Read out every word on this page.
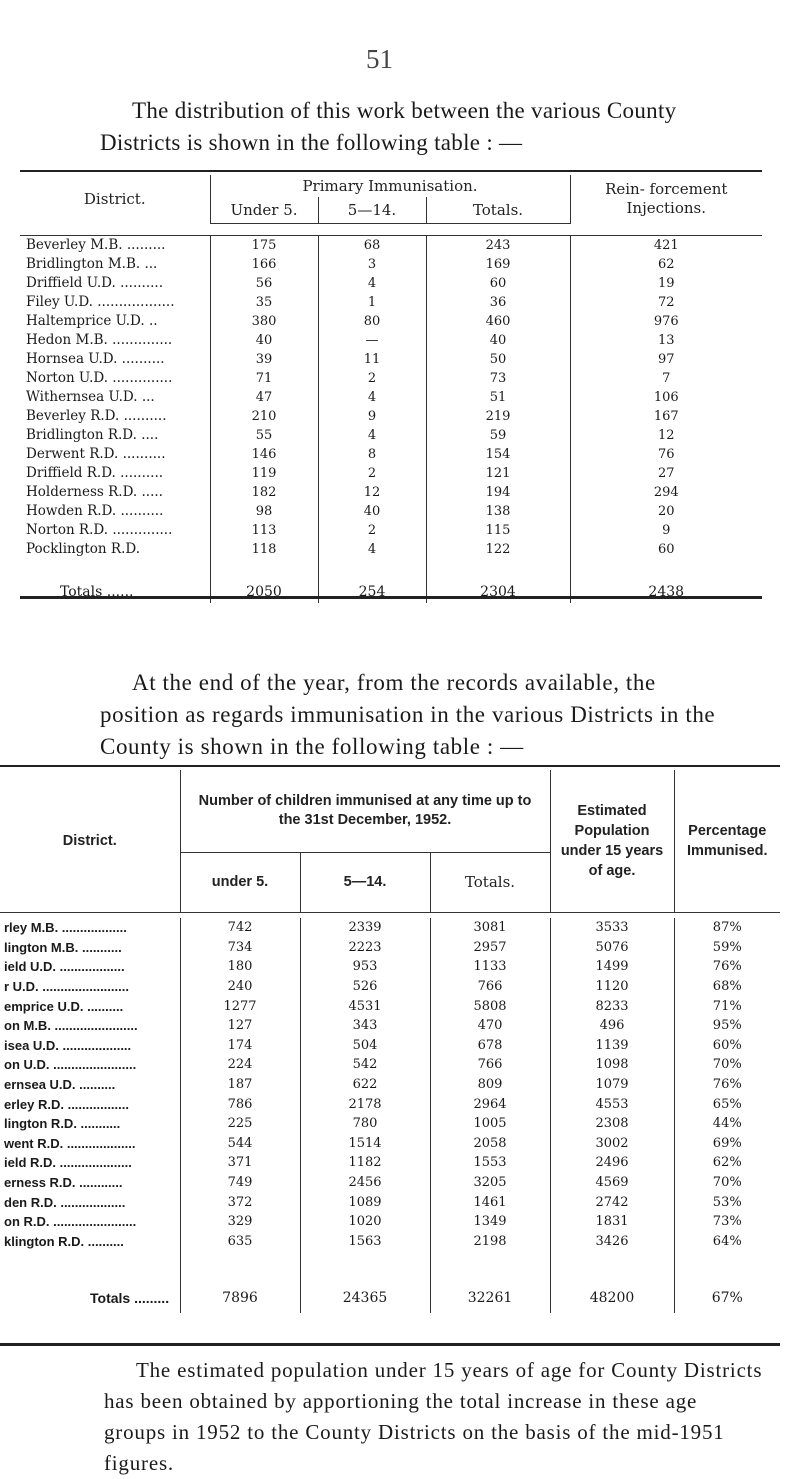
51
The distribution of this work between the various County Districts is shown in the following table : —
District.	Primary Immunisation.			Rein- forcement Injections.
	Under 5.	5—14.	Totals.	

Beverley M.B. .........	175	68	243	421
Bridlington M.B. ...	166	3	169	62
Driffield U.D. ..........	56	4	60	19
Filey U.D. ..................	35	1	36	72
Haltemprice U.D. ..	380	80	460	976
Hedon M.B. ..............	40	—	40	13
Hornsea U.D. ..........	39	11	50	97
Norton U.D. ..............	71	2	73	7
Withernsea U.D. ...	47	4	51	106
Beverley R.D. ..........	210	9	219	167
Bridlington R.D. ....	55	4	59	12
Derwent R.D. ..........	146	8	154	76
Driffield R.D. ..........	119	2	121	27
Holderness R.D. .....	182	12	194	294
Howden R.D. ..........	98	40	138	20
Norton R.D. ..............	113	2	115	9
Pocklington R.D.	118	4	122	60
Totals ......	2050	254	2304	2438
At the end of the year, from the records available, the position as regards immunisation in the various Districts in the County is shown in the following table : —
District.	Number of children immunised at any time up to the 31st December, 1952.			Estimated Population under 15 years of age.	Percentage Immunised.
	under 5.	5—14.	Totals.		

rley M.B. ..................	742	2339	3081	3533	87%
lington M.B. ...........	734	2223	2957	5076	59%
ield U.D. ..................	180	953	1133	1499	76%
r U.D. ........................	240	526	766	1120	68%
emprice U.D. ..........	1277	4531	5808	8233	71%
on M.B. .......................	127	343	470	496	95%
isea U.D. ...................	174	504	678	1139	60%
on U.D. .......................	224	542	766	1098	70%
ernsea U.D. ..........	187	622	809	1079	76%
erley R.D. .................	786	2178	2964	4553	65%
lington R.D. ...........	225	780	1005	2308	44%
went R.D. ...................	544	1514	2058	3002	69%
ield R.D. ....................	371	1182	1553	2496	62%
erness R.D. ............	749	2456	3205	4569	70%
den R.D. ..................	372	1089	1461	2742	53%
on R.D. .......................	329	1020	1349	1831	73%
klington R.D. ..........	635	1563	2198	3426	64%
Totals .........	7896	24365	32261	48200	67%
The estimated population under 15 years of age for County Districts has been obtained by apportioning the total increase in these age groups in 1952 to the County Districts on the basis of the mid-1951 figures.
